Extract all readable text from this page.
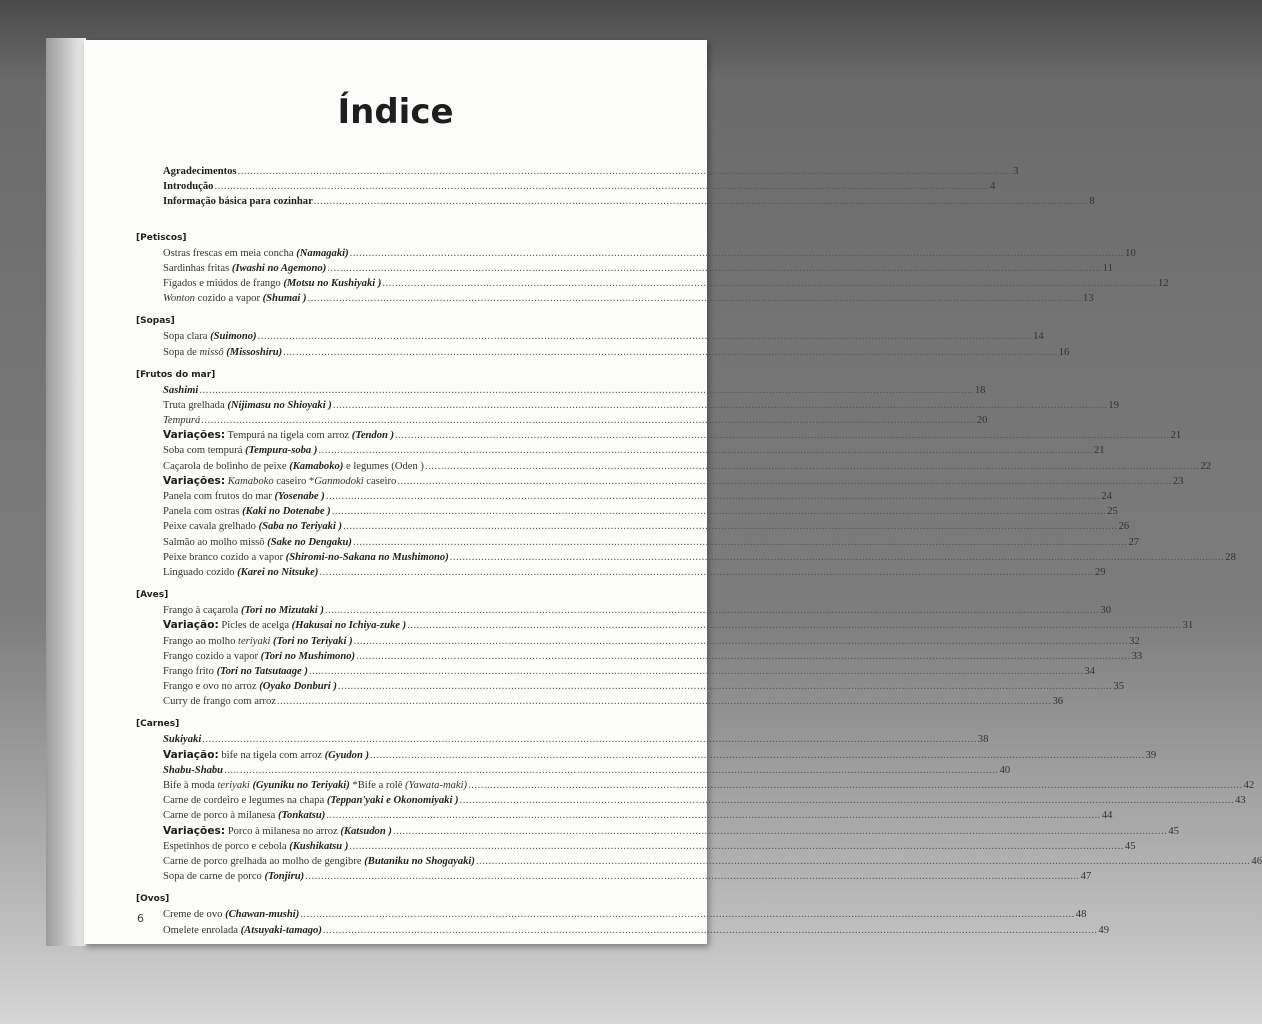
Índice
Agradecimentos .....	3
Introdução .....	4
Informação básica para cozinhar .....	8
[Petiscos]
Ostras frescas em meia concha (Namagaki) .....	10
Sardinhas fritas (Iwashi no Agemono) .....	11
Fígados e miúdos de frango (Motsu no Kushiyaki ) .....	12
Wonton cozido a vapor (Shumai ) .....	13
[Sopas]
Sopa clara (Suimono) .....	14
Sopa de missô (Missoshiru) .....	16
[Frutos do mar]
Sashimi .....	18
Truta grelhada (Nijimasu no Shioyaki ) .....	19
Tempurá .....	20
Variações: Tempurá na tigela com arroz (Tendon ) .....	21
Soba com tempurá (Tempura-soba ) .....	21
Caçarola de bolinho de peixe (Kamaboko) e legumes (Oden ) .....	22
Variações: Kamaboko caseiro *Ganmodoki caseiro .....	23
Panela com frutos do mar (Yosenabe ) .....	24
Panela com ostras (Kaki no Dotenabe ) .....	25
Peixe cavala grelhado (Saba no Teriyaki ) .....	26
Salmão ao molho missô (Sake no Dengaku) .....	27
Peixe branco cozido a vapor (Shiromi-no-Sakana no Mushimono) .....	28
Linguado cozido (Karei no Nitsuke) .....	29
[Aves]
Frango à caçarola (Tori no Mizutaki ) .....	30
Variação: Picles de acelga (Hakusai no Ichiya-zuke ) .....	31
Frango ao molho teriyaki (Tori no Teriyaki ) .....	32
Frango cozido a vapor (Tori no Mushimono) .....	33
Frango frito (Tori no Tatsutaage ) .....	34
Frango e ovo no arroz (Oyako Donburi ) .....	35
Curry de frango com arroz .....	36
[Carnes]
Sukiyaki .....	38
Variação: bife na tigela com arroz (Gyudon ) .....	39
Shabu-Shabu .....	40
Bife à moda teriyaki (Gyuniku no Teriyaki) *Bife a rolê (Yawata-maki) .....	42
Carne de cordeiro e legumes na chapa (Teppan'yaki e Okonomiyaki ) .....	43
Carne de porco à milanesa (Tonkatsu) .....	44
Variações: Porco à milanesa no arroz (Katsudon ) .....	45
Espetinhos de porco e cebola (Kushikatsu ) .....	45
Carne de porco grelhada ao molho de gengibre (Butaniku no Shogayaki) .....	46
Sopa de carne de porco (Tonjiru) .....	47
[Ovos]
Creme de ovo (Chawan-mushi) .....	48
Omelete enrolada (Atsuyaki-tamago) .....	49
6
